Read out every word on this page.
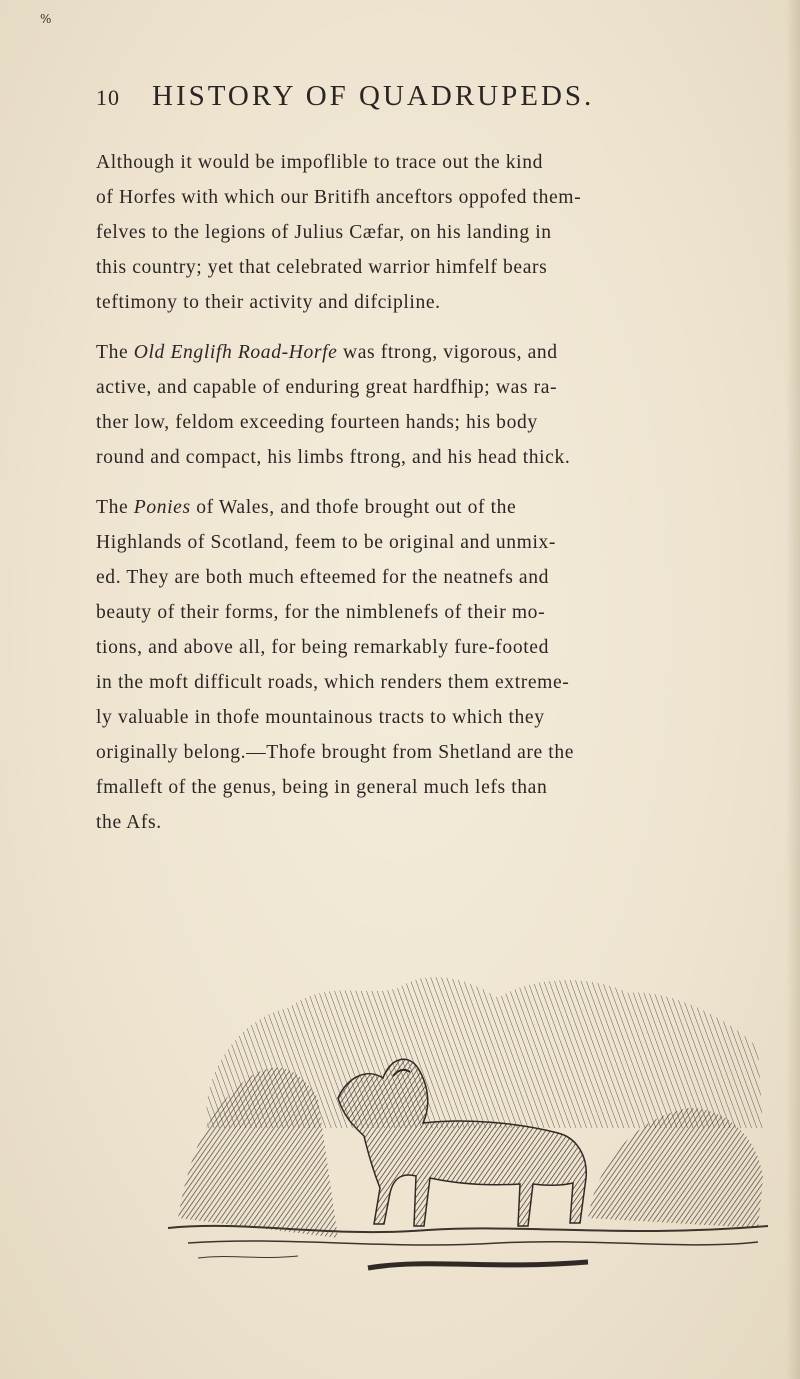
%
10	HISTORY OF QUADRUPEDS.
Although it would be impoflible to trace out the kind
of Horfes with which our Britifh anceftors oppofed them-
felves to the legions of Julius Cæfar, on his landing in
this country; yet that celebrated warrior himfelf bears
teftimony to their activity and difcipline.
The Old Englifh Road-Horfe was ftrong, vigorous, and
active, and capable of enduring great hardfhip; was ra-
ther low, feldom exceeding fourteen hands; his body
round and compact, his limbs ftrong, and his head thick.
The Ponies of Wales, and thofe brought out of the
Highlands of Scotland, feem to be original and unmix-
ed. They are both much efteemed for the neatnefs and
beauty of their forms, for the nimblenefs of their mo-
tions, and above all, for being remarkably fure-footed
in the moft difficult roads, which renders them extreme-
ly valuable in thofe mountainous tracts to which they
originally belong.—Thofe brought from Shetland are the
fmalleft of the genus, being in general much lefs than
the Afs.
